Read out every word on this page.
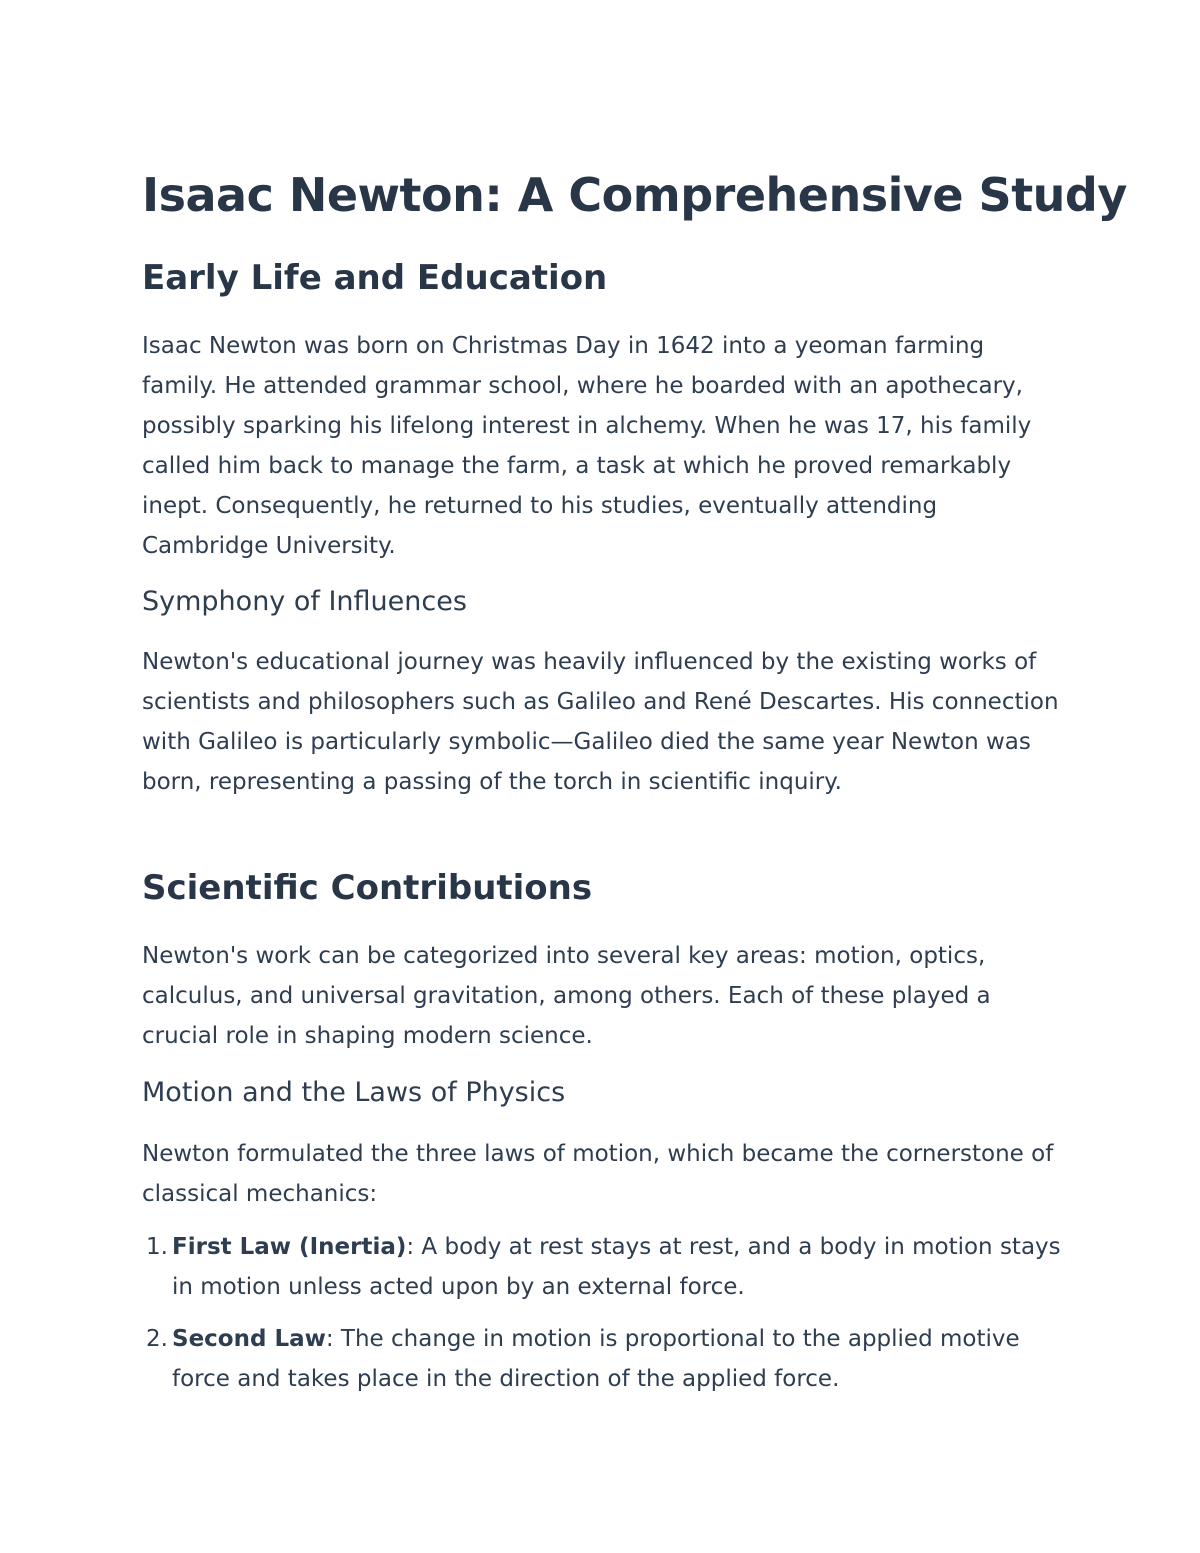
Isaac Newton: A Comprehensive Study
Early Life and Education

Isaac Newton was born on Christmas Day in 1642 into a yeoman farming family. He attended grammar school, where he boarded with an apothecary, possibly sparking his lifelong interest in alchemy. When he was 17, his family called him back to manage the farm, a task at which he proved remarkably inept. Consequently, he returned to his studies, eventually attending Cambridge University.

Symphony of Influences

Newton's educational journey was heavily influenced by the existing works of scientists and philosophers such as Galileo and René Descartes. His connection with Galileo is particularly symbolic—Galileo died the same year Newton was born, representing a passing of the torch in scientific inquiry.

Scientific Contributions

Newton's work can be categorized into several key areas: motion, optics, calculus, and universal gravitation, among others. Each of these played a crucial role in shaping modern science.

Motion and the Laws of Physics

Newton formulated the three laws of motion, which became the cornerstone of classical mechanics:

1. First Law (Inertia): A body at rest stays at rest, and a body in motion stays in motion unless acted upon by an external force.
2. Second Law: The change in motion is proportional to the applied motive force and takes place in the direction of the applied force.
